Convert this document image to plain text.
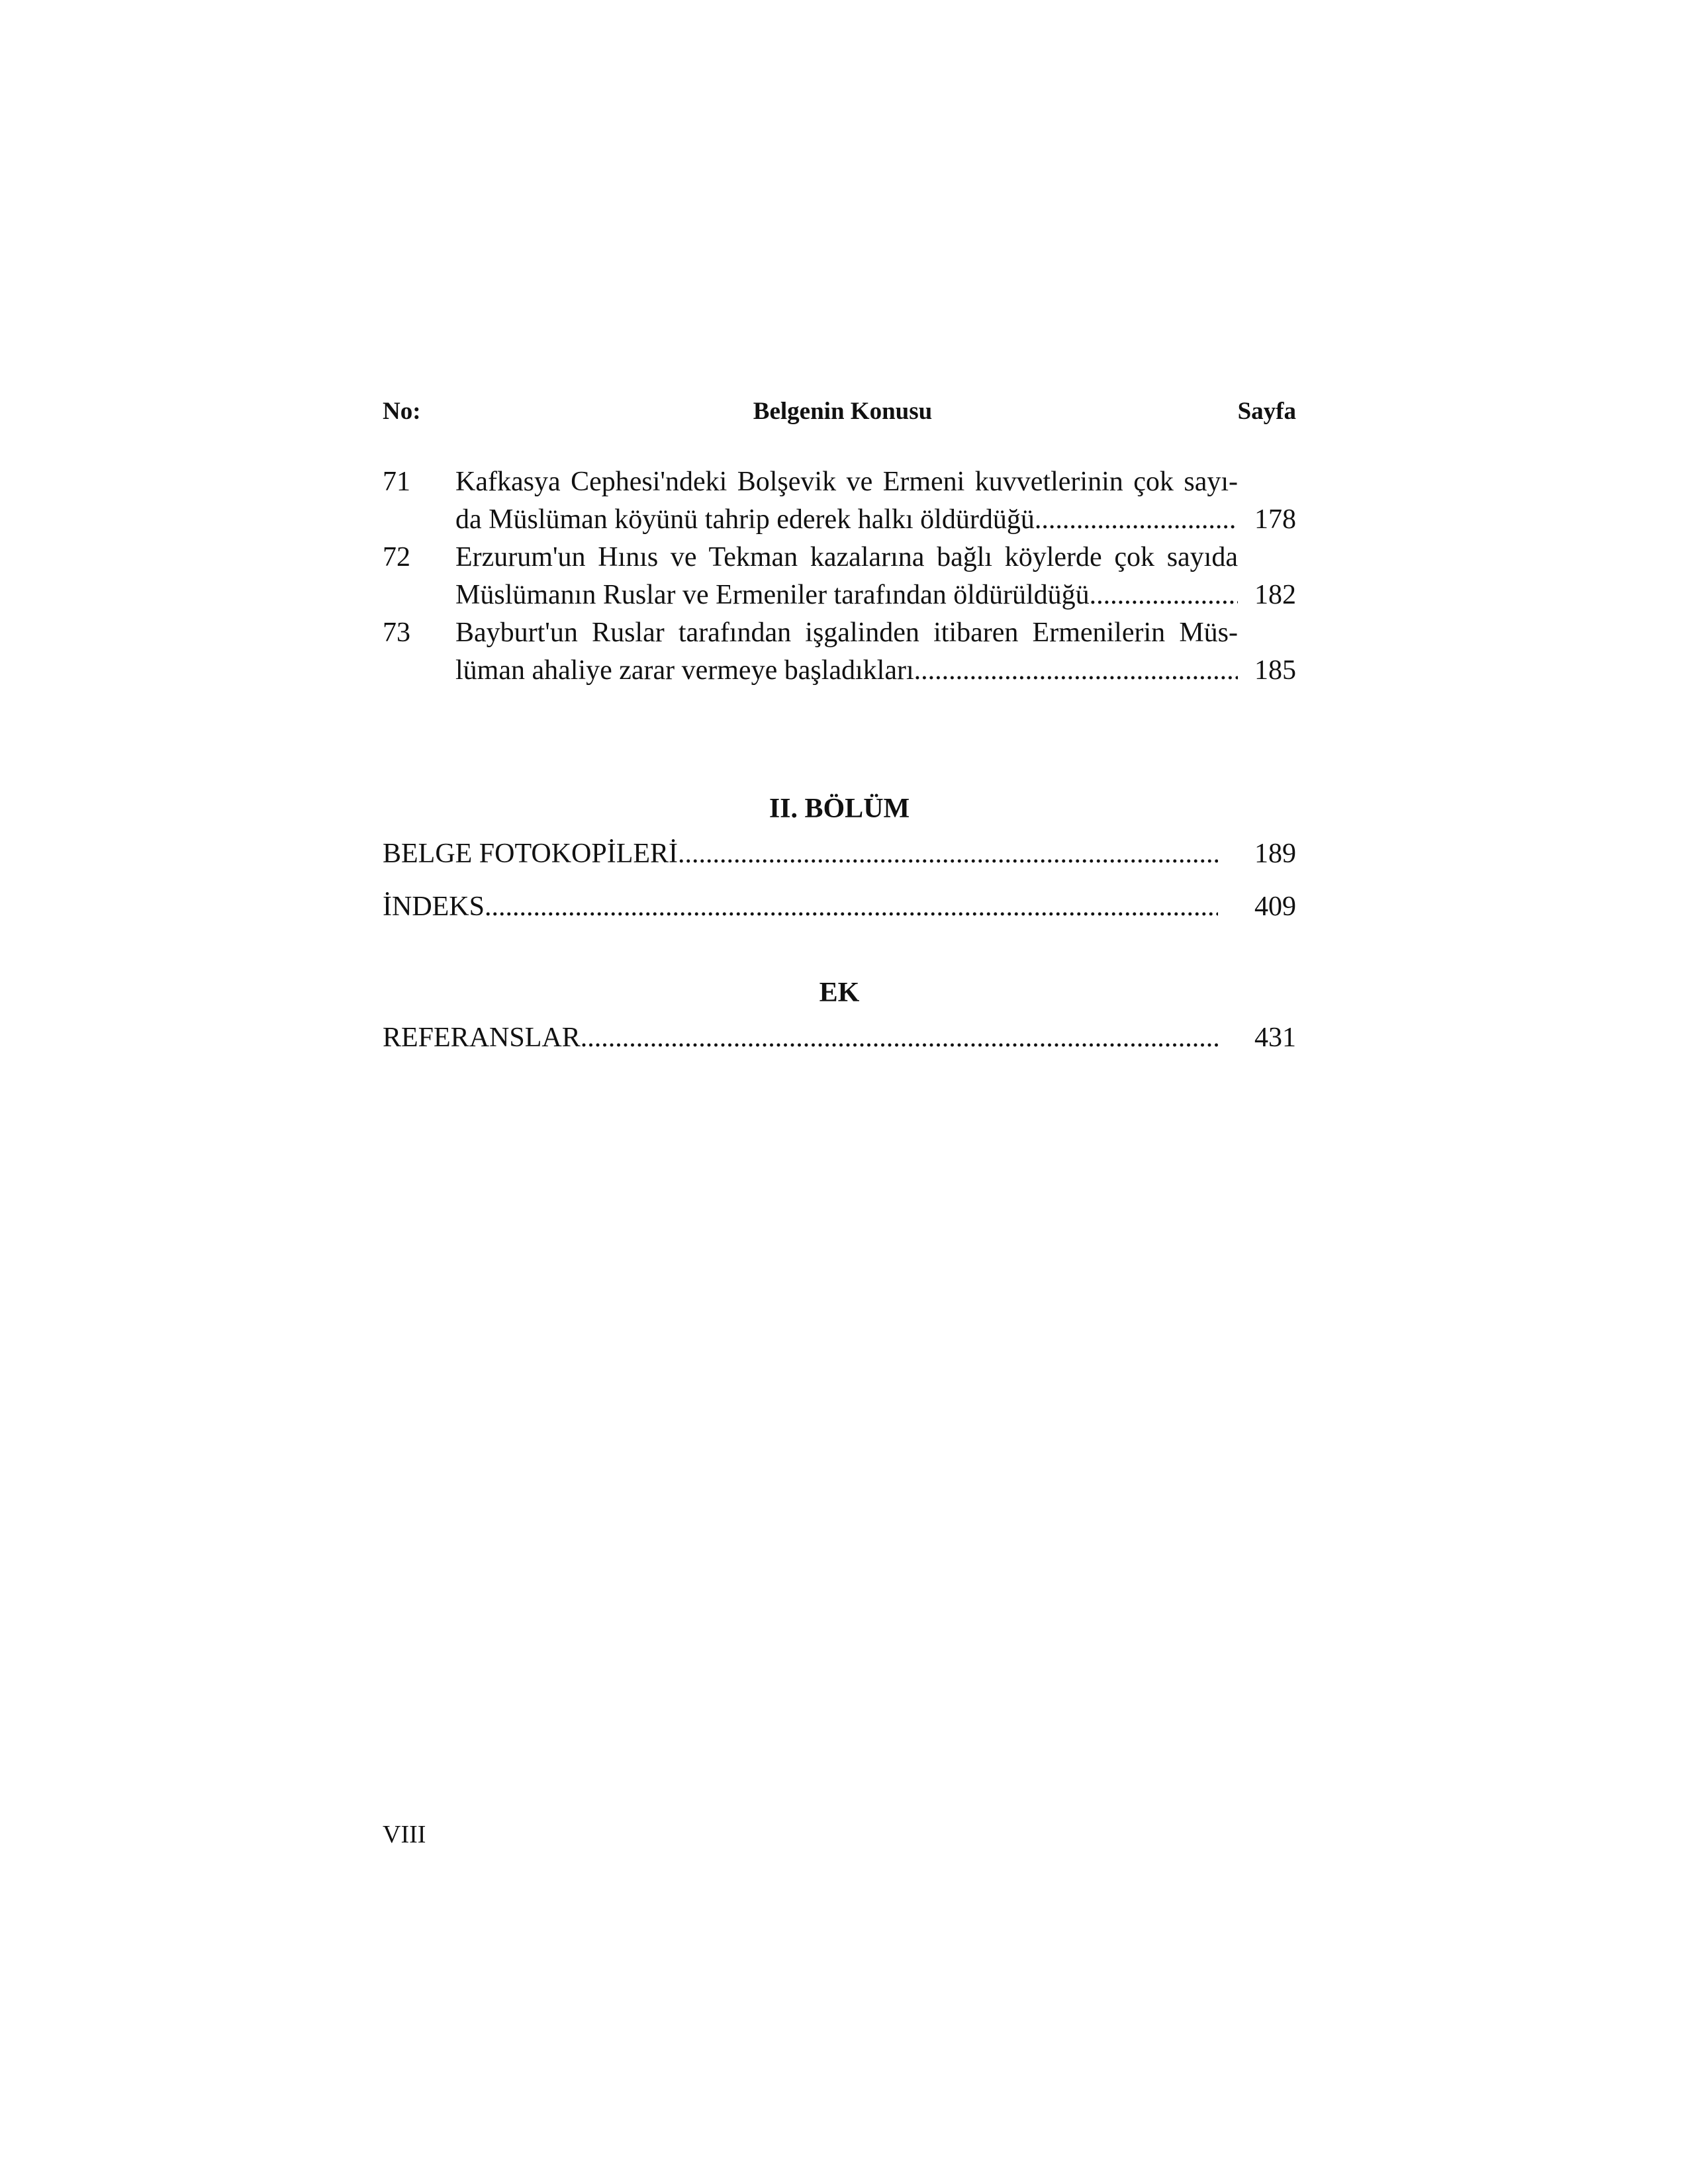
No:	Belgenin Konusu	Sayfa
71 Kafkasya Cephesi'ndeki Bolşevik ve Ermeni kuvvetlerinin çok sayı-
da Müslüman köyünü tahrip ederek halkı öldürdüğü .....	178
72 Erzurum'un Hınıs ve Tekman kazalarına bağlı köylerde çok sayıda
Müslümanın Ruslar ve Ermeniler tarafından öldürüldüğü .....	182
73 Bayburt'un Ruslar tarafından işgalinden itibaren Ermenilerin Müs-
lüman ahaliye zarar vermeye başladıkları .....	185
II. BÖLÜM
BELGE FOTOKOPİLERİ .....	189
İNDEKS .....	409
EK
REFERANSLAR .....	431
VIII
